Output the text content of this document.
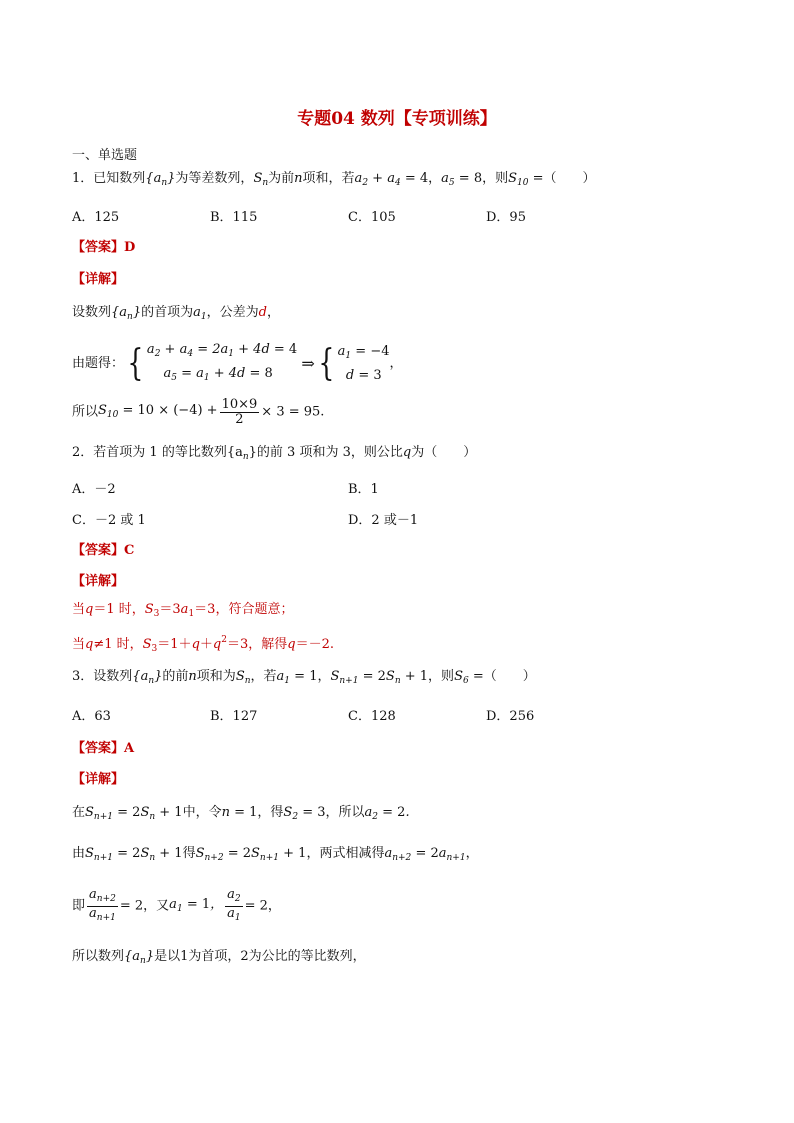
专题04 数列【专项训练】
一、单选题
1．已知数列$\{a_n\}$为等差数列，$S_n$为前n项和，若$a_2 + a_4 = 4$，$a_5 = 8$，则$S_{10}$ =（　　）
A．125	B．115	C．105	D．95
【答案】D
【详解】
设数列$\{a_n\}$的首项为$a_1$，公差为d，
由题得：{ $a_2 + a_4 = 2a_1 + 4d = 4$
$a_5 = a_1 + 4d = 8$ ⇒{ $a_1 = -4$
d = 3，
所以$S_{10} = 10 \times (-4) + \frac{10\times 9}{2} \times 3 = 95$.
2．若首项为 1 的等比数列$\{a_n\}$的前 3 项和为 3，则公比q为（　　）
A．－2	B．1
C．－2 或 1	D．2 或－1
【答案】C
【详解】
当q＝1 时，$S_3=3a_1=3$，符合题意；
当q≠1 时，$S_3=1+q+q^2=3$，解得q＝－2.
3．设数列$\{a_n\}$的前n项和为$S_n$，若$a_1 = 1$，$S_{n+1} = 2S_n + 1$，则$S_6$ =（　　）
A．63	B．127	C．128	D．256
【答案】A
【详解】
在$S_{n+1} = 2S_n + 1$中，令n = 1，得$S_2 = 3$，所以$a_2 = 2$.
由$S_{n+1} = 2S_n + 1$得$S_{n+2} = 2S_{n+1} + 1$，两式相减得$a_{n+2} = 2a_{n+1}$，
即 $\frac{a_{n+2}}{a_{n+1}} = 2$，又$a_1 = 1$， $\frac{a_2}{a_1} = 2$，
所以数列$\{a_n\}$是以1为首项，2为公比的等比数列，
